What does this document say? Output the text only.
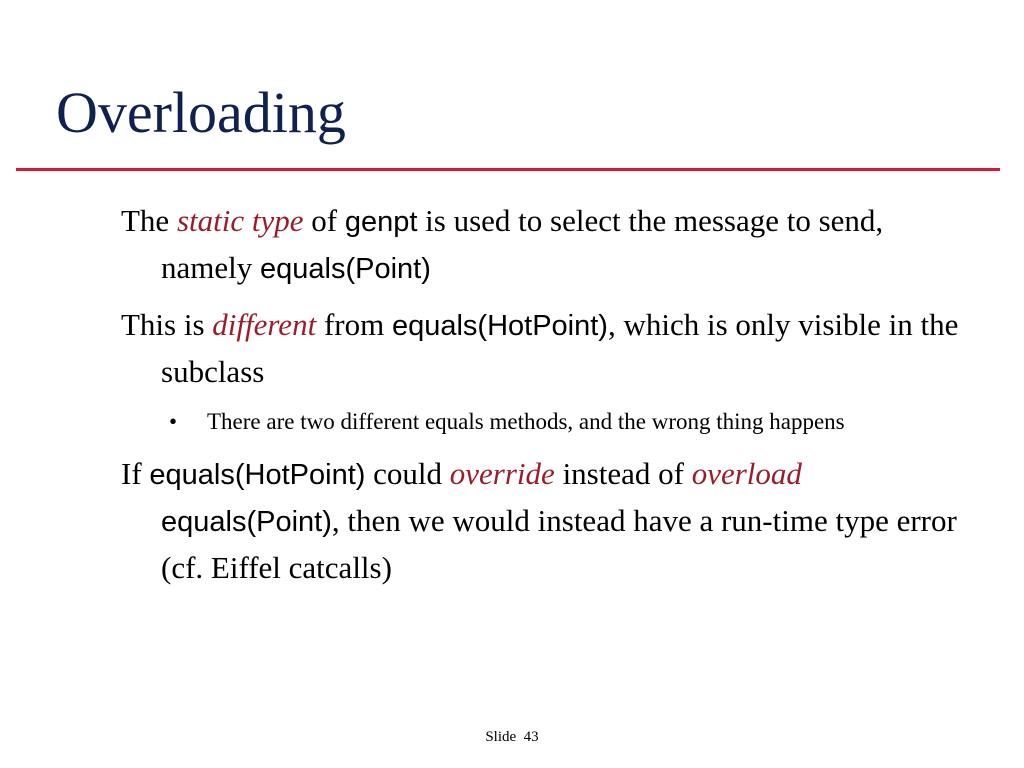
Overloading

The static type of genpt is used to select the message to send, namely equals(Point)

This is different from equals(HotPoint), which is only visible in the subclass

• There are two different equals methods, and the wrong thing happens

If equals(HotPoint) could override instead of overload equals(Point), then we would instead have a run-time type error (cf. Eiffel catcalls)

Slide 43
